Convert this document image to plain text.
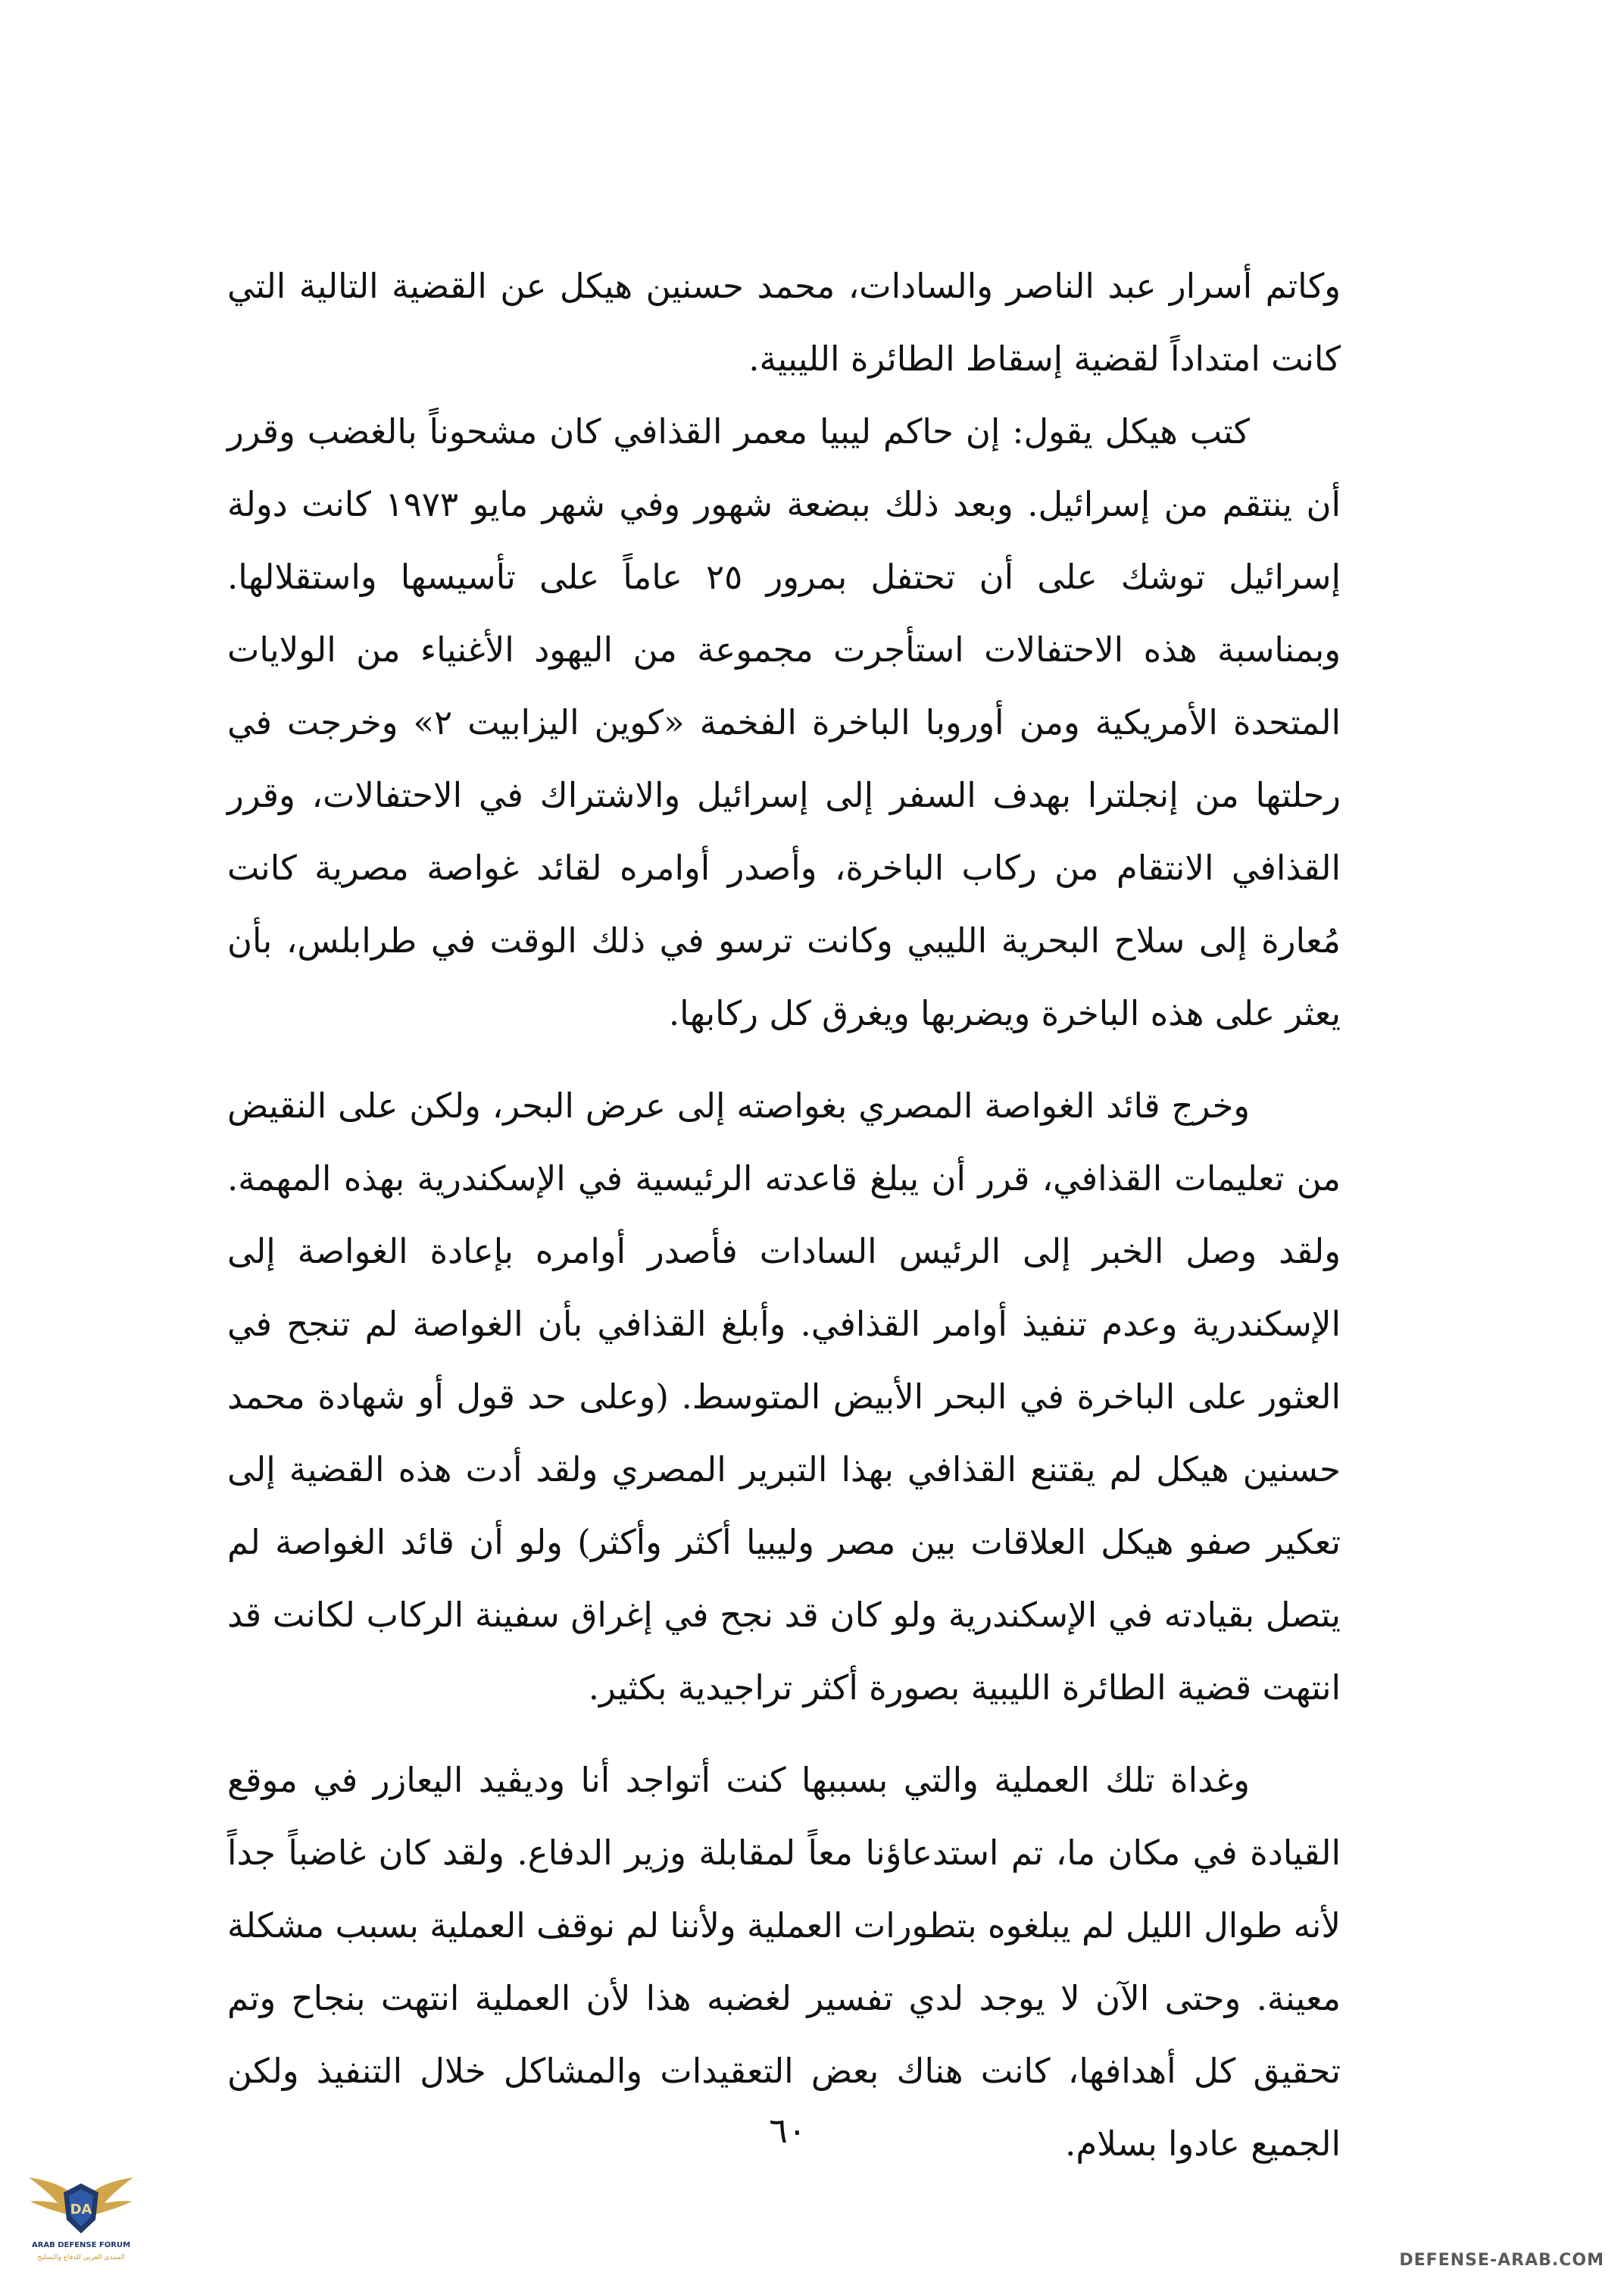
وكاتم أسرار عبد الناصر والسادات، محمد حسنين هيكل عن القضية التالية التي كانت امتداداً لقضية إسقاط الطائرة الليبية.

كتب هيكل يقول: إن حاكم ليبيا معمر القذافي كان مشحوناً بالغضب وقرر أن ينتقم من إسرائيل. وبعد ذلك ببضعة شهور وفي شهر مايو ١٩٧٣ كانت دولة إسرائيل توشك على أن تحتفل بمرور ٢٥ عاماً على تأسيسها واستقلالها. وبمناسبة هذه الاحتفالات استأجرت مجموعة من اليهود الأغنياء من الولايات المتحدة الأمريكية ومن أوروبا الباخرة الفخمة «كوين اليزابيت ٢» وخرجت في رحلتها من إنجلترا بهدف السفر إلى إسرائيل والاشتراك في الاحتفالات، وقرر القذافي الانتقام من ركاب الباخرة، وأصدر أوامره لقائد غواصة مصرية كانت مُعارة إلى سلاح البحرية الليبي وكانت ترسو في ذلك الوقت في طرابلس، بأن يعثر على هذه الباخرة ويضربها ويغرق كل ركابها.

وخرج قائد الغواصة المصري بغواصته إلى عرض البحر، ولكن على النقيض من تعليمات القذافي، قرر أن يبلغ قاعدته الرئيسية في الإسكندرية بهذه المهمة. ولقد وصل الخبر إلى الرئيس السادات فأصدر أوامره بإعادة الغواصة إلى الإسكندرية وعدم تنفيذ أوامر القذافي. وأبلغ القذافي بأن الغواصة لم تنجح في العثور على الباخرة في البحر الأبيض المتوسط. (وعلى حد قول أو شهادة محمد حسنين هيكل لم يقتنع القذافي بهذا التبرير المصري ولقد أدت هذه القضية إلى تعكير صفو هيكل العلاقات بين مصر وليبيا أكثر وأكثر) ولو أن قائد الغواصة لم يتصل بقيادته في الإسكندرية ولو كان قد نجح في إغراق سفينة الركاب لكانت قد انتهت قضية الطائرة الليبية بصورة أكثر تراجيدية بكثير.

وغداة تلك العملية والتي بسببها كنت أتواجد أنا وديڤيد اليعازر في موقع القيادة في مكان ما، تم استدعاؤنا معاً لمقابلة وزير الدفاع. ولقد كان غاضباً جداً لأنه طوال الليل لم يبلغوه بتطورات العملية ولأننا لم نوقف العملية بسبب مشكلة معينة. وحتى الآن لا يوجد لدي تفسير لغضبه هذا لأن العملية انتهت بنجاح وتم تحقيق كل أهدافها، كانت هناك بعض التعقيدات والمشاكل خلال التنفيذ ولكن الجميع عادوا بسلام.

٦٠
DA
ARAB DEFENSE FORUM
المنتدى العربي للدفاع والتسليح	DEFENSE-ARAB.COM
